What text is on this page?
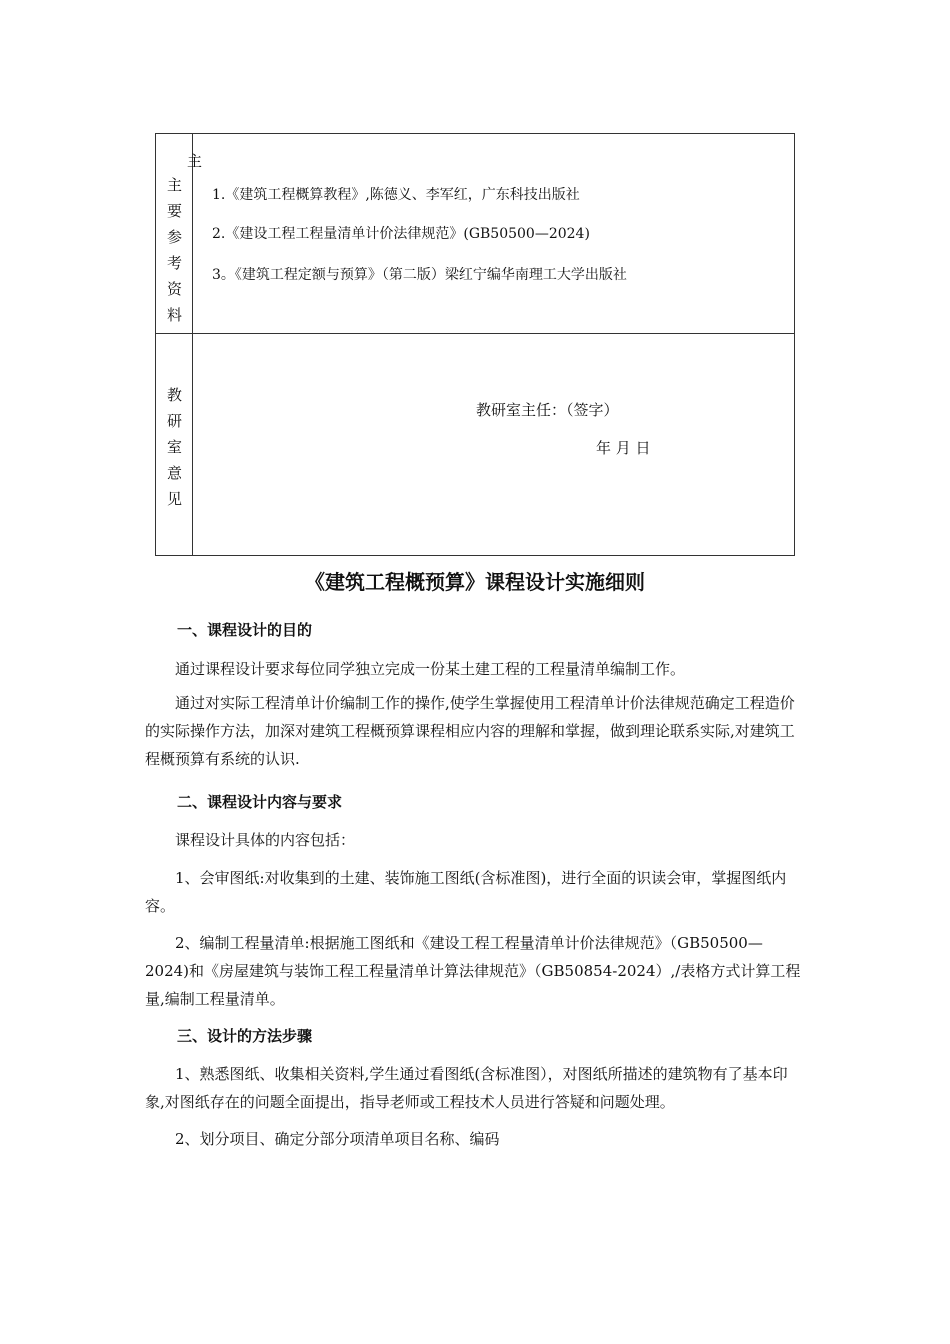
主
要
参
考
资
料
主
1.《建筑工程概算教程》,陈德义、李军红，广东科技出版社
2.《建设工程工程量清单计价法律规范》(GB50500—2024)
3。《建筑工程定额与预算》（第二版）梁红宁编华南理工大学出版社
教
研
室
意
见
教研室主任：（签字）
年 月 日
《建筑工程概预算》课程设计实施细则
一、课程设计的目的
通过课程设计要求每位同学独立完成一份某土建工程的工程量清单编制工作。
通过对实际工程清单计价编制工作的操作,使学生掌握使用工程清单计价法律规范确定工程造价的实际操作方法，加深对建筑工程概预算课程相应内容的理解和掌握，做到理论联系实际,对建筑工程概预算有系统的认识.
二、课程设计内容与要求
课程设计具体的内容包括：
1、会审图纸:对收集到的土建、装饰施工图纸(含标准图)，进行全面的识读会审，掌握图纸内容。
2、编制工程量清单:根据施工图纸和《建设工程工程量清单计价法律规范》（GB50500—2024)和《房屋建筑与装饰工程工程量清单计算法律规范》（GB50854-2024）,/表格方式计算工程量,编制工程量清单。
三、设计的方法步骤
1、熟悉图纸、收集相关资料,学生通过看图纸(含标准图），对图纸所描述的建筑物有了基本印象,对图纸存在的问题全面提出，指导老师或工程技术人员进行答疑和问题处理。
2、划分项目、确定分部分项清单项目名称、编码
